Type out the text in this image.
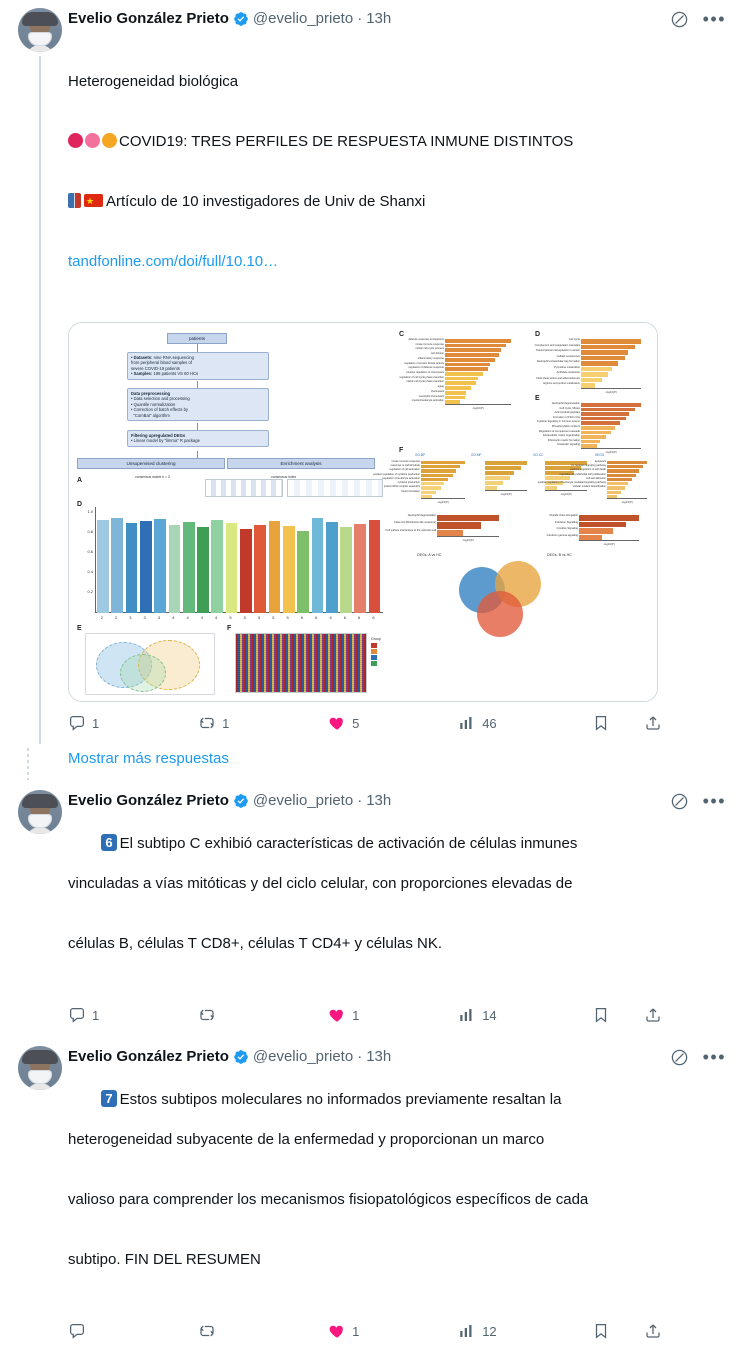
Evelio González Prieto @evelio_prieto · 13h	•••

Heterogeneidad biológica

COVID19: TRES PERFILES DE RESPUESTA INMUNE DISTINTOS

★Artículo de 10 investigadores de Univ de Shanxi

tandfonline.com/doi/full/10.10…

patients
• Datasets: nine RNA sequencing
from peripheral blood samples of
severe COVID-19 patients
• Samples: 198 patients VS 60 HCs
Data preprocessing
• Data selection and processing
• Quantile normalization
• Correction of batch effects by
"ComBat" algorithm
Filtering upregulated DEGs
• Linear model by "limma" R package
Unsupervised clustering	Enrichment analysis
A	consensus matrix k = 3	consensus index
D
0.2
0.4
0.6
0.8
1.0
2	2	3	3	3	4	4	4	4	5	5	5	5	5	6	6	6	6	6	6
E	F
Group
C
defense response to bacterium
innate immune response
mitotic cell cycle process
cell division
inflammatory response
regulation of protein kinase activity
regulation of defense response
positive regulation of chemotaxis
regulation of cell cycle phase transition
mitotic cell cycle phase transition
aging
chemotaxis
neutrophil chemotaxis
myeloid leukocyte activation
-log10(P)
D
Cell cycle
Complement and coagulation cascades
Transcriptional misregulation in cancer
Cellular senescence
Neutrophil extracellular trap formation
Pyrimidine metabolism
Antifolate resistance
Fluid shear stress and atherosclerosis
Arginine and proline metabolism
-log10(P)
E
Neutrophil degranulation
Cell Cycle, Mitotic
Antimicrobial peptides
Formation of Fibrin Clot
Cytokine Signaling in Immune system
Phosphorylation of Emi1
Regulation of Complement cascade
Extracellular matrix organization
Fibronectin matrix formation
Interleukin signaling
-log10(P)
F
GO:BP	GO:MF	GO:CC	KEGG
innate immune response
response to carbohydrate
regulation of cell activation
positive regulation of cytokine production
regulation of leukocyte activation
cytokine production
protein-DNA complex assembly
blood circulation
-log10(P)
-log10(P)	-log10(P)
apoptosis
Fc receptor signaling pathway
positive regulation of cell death
regulation of endothelial cell proliferation
cell-cell adhesion
positive regulation of leukocyte mediated signaling pathway
cellular oxidant detoxification
-log10(P)
Neutrophil degranulation
Class A/1 (Rhodopsin-like receptors)
Cell surface interactions at the vascular wall
-log10(P)
Peptide chain elongation
Interferon Signalling
Cytokine Signaling
Interferon gamma signaling
-log10(P)
DEGs: A vs HC	DEGs: B vs HC
1	1	5	46
Mostrar más respuestas
Evelio González Prieto @evelio_prieto · 13h	•••

6 El subtipo C exhibió características de activación de células inmunes

vinculadas a vías mitóticas y del ciclo celular, con proporciones elevadas de

células B, células T CD8+, células T CD4+ y células NK.

1	1	14
Evelio González Prieto @evelio_prieto · 13h	•••

7 Estos subtipos moleculares no informados previamente resaltan la

heterogeneidad subyacente de la enfermedad y proporcionan un marco

valioso para comprender los mecanismos fisiopatológicos específicos de cada

subtipo. FIN DEL RESUMEN

1	12
